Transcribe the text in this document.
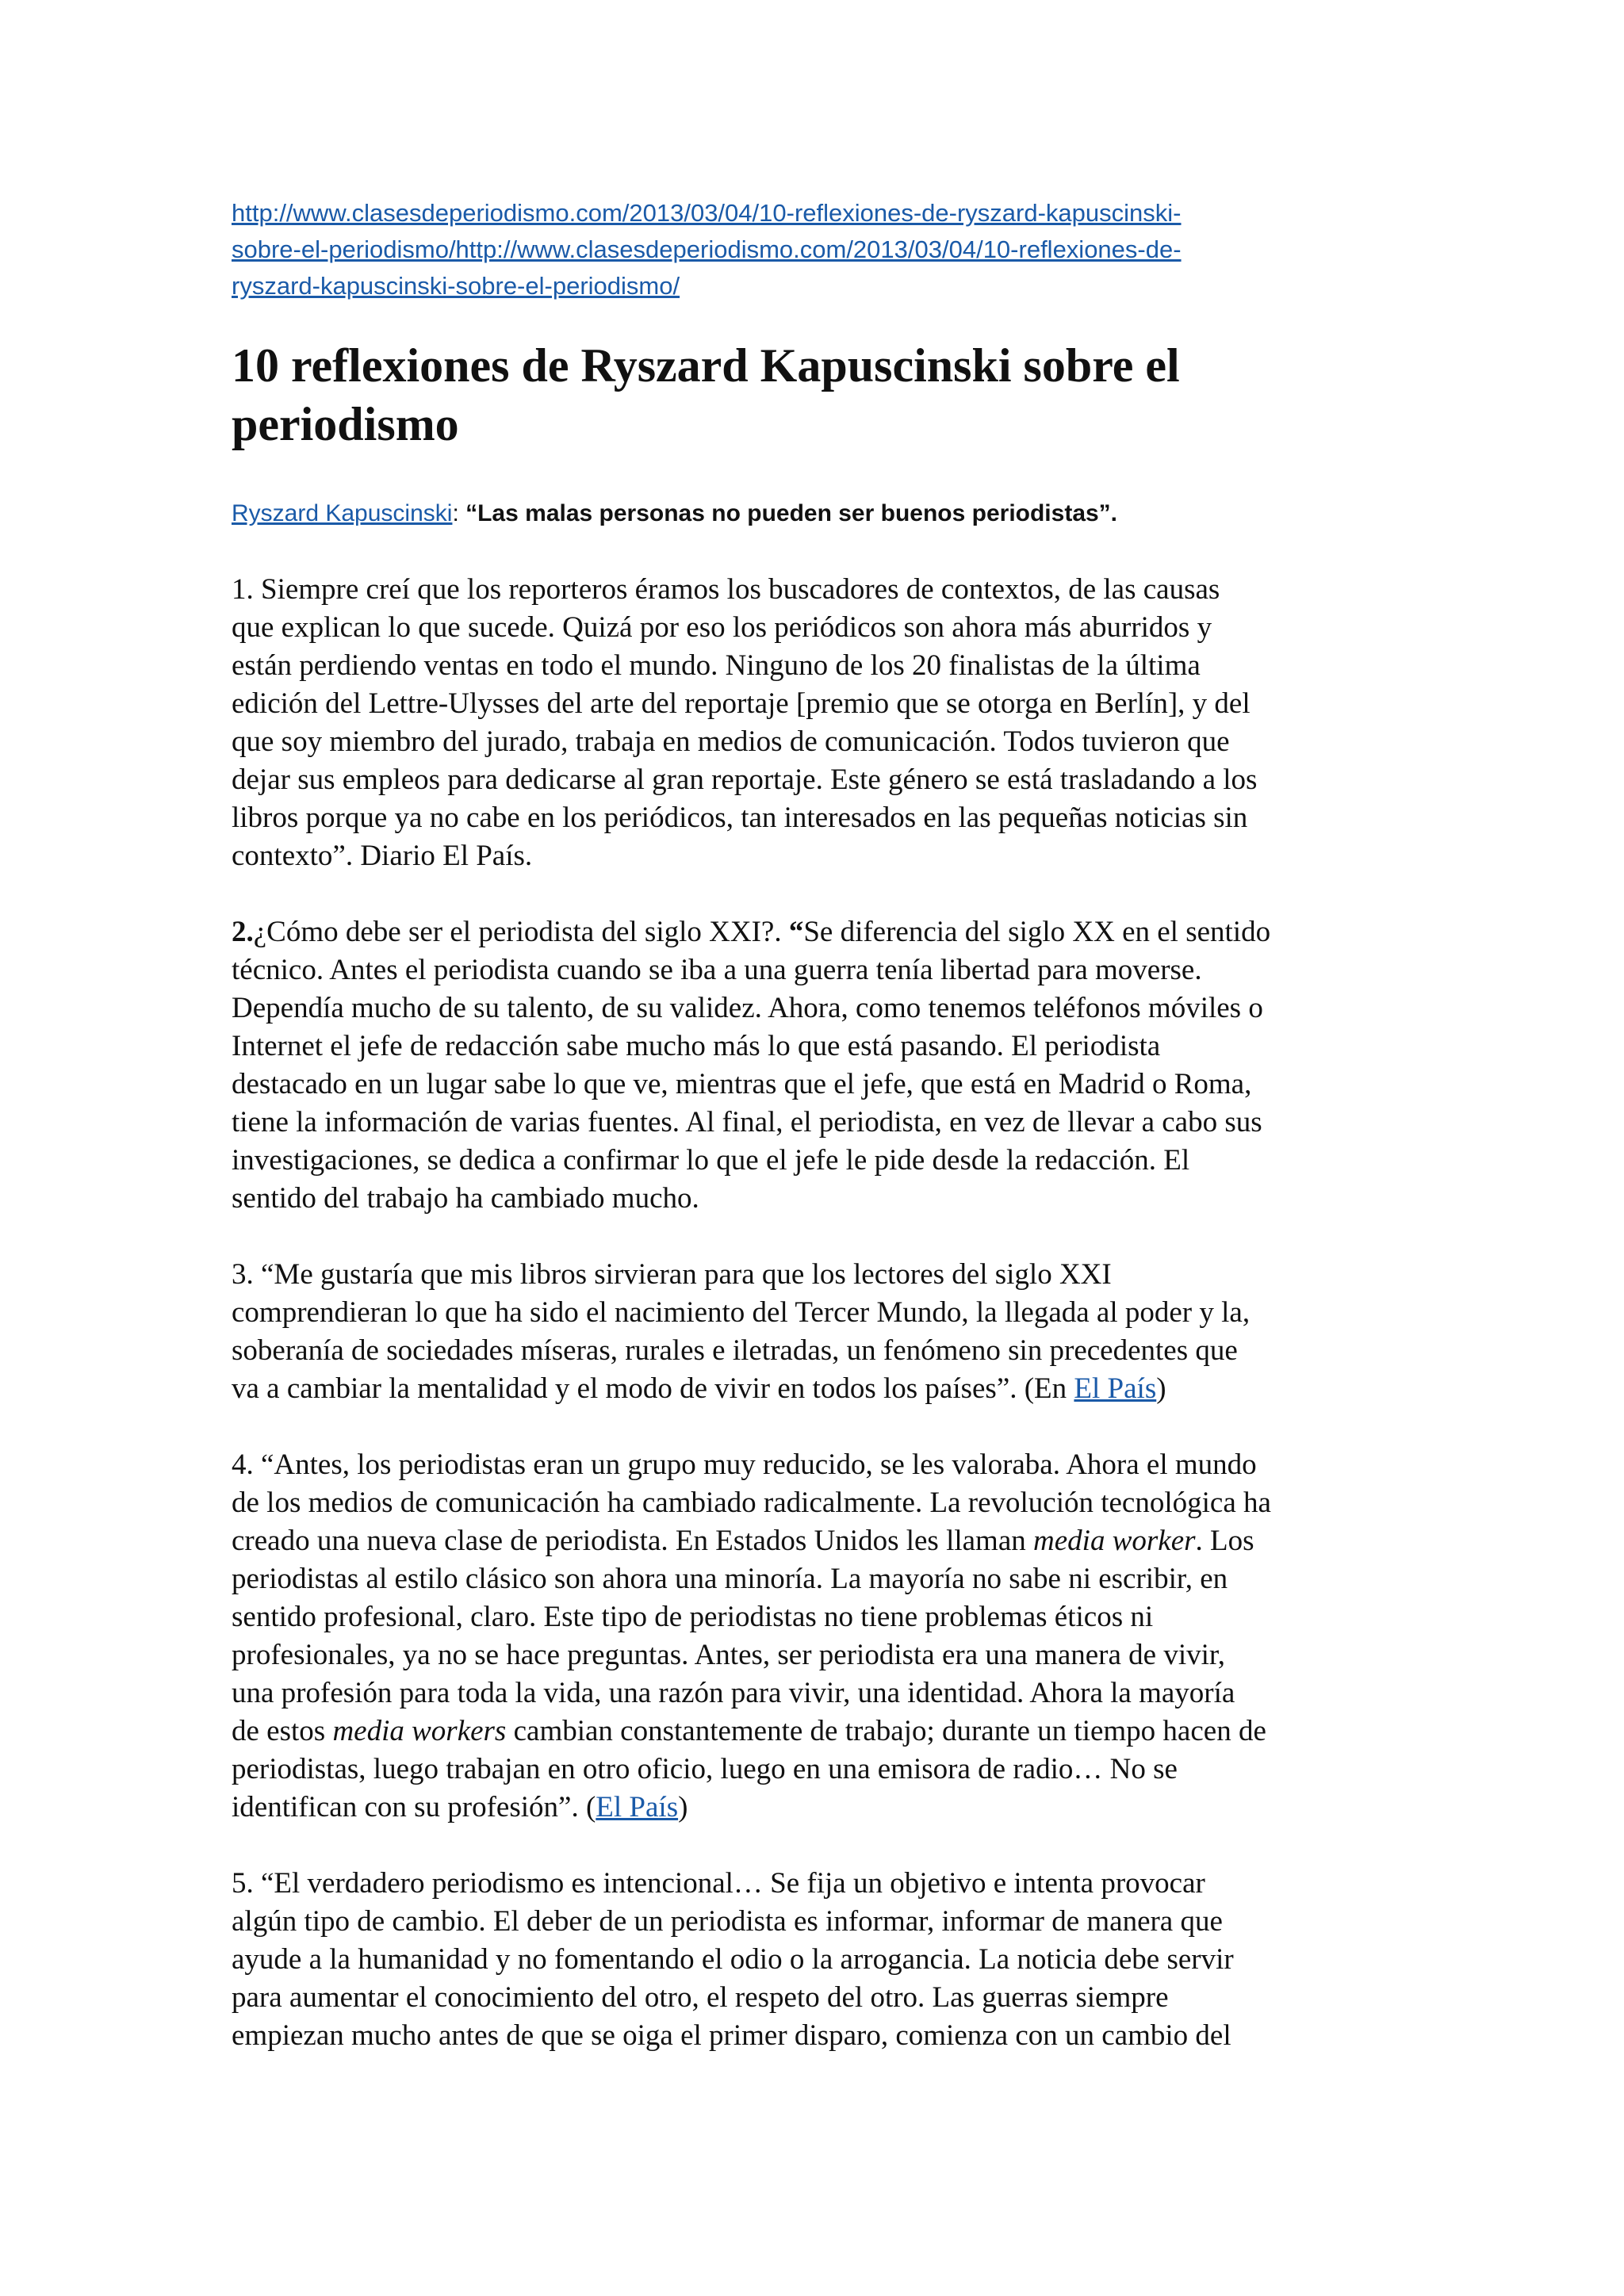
http://www.clasesdeperiodismo.com/2013/03/04/10-reflexiones-de-ryszard-kapuscinski-
sobre-el-periodismo/http://www.clasesdeperiodismo.com/2013/03/04/10-reflexiones-de-
ryszard-kapuscinski-sobre-el-periodismo/

10 reflexiones de Ryszard Kapuscinski sobre el
periodismo

Ryszard Kapuscinski: “Las malas personas no pueden ser buenos periodistas”.

1. Siempre creí que los reporteros éramos los buscadores de contextos, de las causas
que explican lo que sucede. Quizá por eso los periódicos son ahora más aburridos y
están perdiendo ventas en todo el mundo. Ninguno de los 20 finalistas de la última
edición del Lettre-Ulysses del arte del reportaje [premio que se otorga en Berlín], y del
que soy miembro del jurado, trabaja en medios de comunicación. Todos tuvieron que
dejar sus empleos para dedicarse al gran reportaje. Este género se está trasladando a los
libros porque ya no cabe en los periódicos, tan interesados en las pequeñas noticias sin
contexto”. Diario El País.
2.¿Cómo debe ser el periodista del siglo XXI?. “Se diferencia del siglo XX en el sentido
técnico. Antes el periodista cuando se iba a una guerra tenía libertad para moverse.
Dependía mucho de su talento, de su validez. Ahora, como tenemos teléfonos móviles o
Internet el jefe de redacción sabe mucho más lo que está pasando. El periodista
destacado en un lugar sabe lo que ve, mientras que el jefe, que está en Madrid o Roma,
tiene la información de varias fuentes. Al final, el periodista, en vez de llevar a cabo sus
investigaciones, se dedica a confirmar lo que el jefe le pide desde la redacción. El
sentido del trabajo ha cambiado mucho.
3. “Me gustaría que mis libros sirvieran para que los lectores del siglo XXI
comprendieran lo que ha sido el nacimiento del Tercer Mundo, la llegada al poder y la,
soberanía de sociedades míseras, rurales e iletradas, un fenómeno sin precedentes que
va a cambiar la mentalidad y el modo de vivir en todos los países”. (En El País)
4. “Antes, los periodistas eran un grupo muy reducido, se les valoraba. Ahora el mundo
de los medios de comunicación ha cambiado radicalmente. La revolución tecnológica ha
creado una nueva clase de periodista. En Estados Unidos les llaman media worker. Los
periodistas al estilo clásico son ahora una minoría. La mayoría no sabe ni escribir, en
sentido profesional, claro. Este tipo de periodistas no tiene problemas éticos ni
profesionales, ya no se hace preguntas. Antes, ser periodista era una manera de vivir,
una profesión para toda la vida, una razón para vivir, una identidad. Ahora la mayoría
de estos media workers cambian constantemente de trabajo; durante un tiempo hacen de
periodistas, luego trabajan en otro oficio, luego en una emisora de radio… No se
identifican con su profesión”. (El País)
5. “El verdadero periodismo es intencional… Se fija un objetivo e intenta provocar
algún tipo de cambio. El deber de un periodista es informar, informar de manera que
ayude a la humanidad y no fomentando el odio o la arrogancia. La noticia debe servir
para aumentar el conocimiento del otro, el respeto del otro. Las guerras siempre
empiezan mucho antes de que se oiga el primer disparo, comienza con un cambio del
